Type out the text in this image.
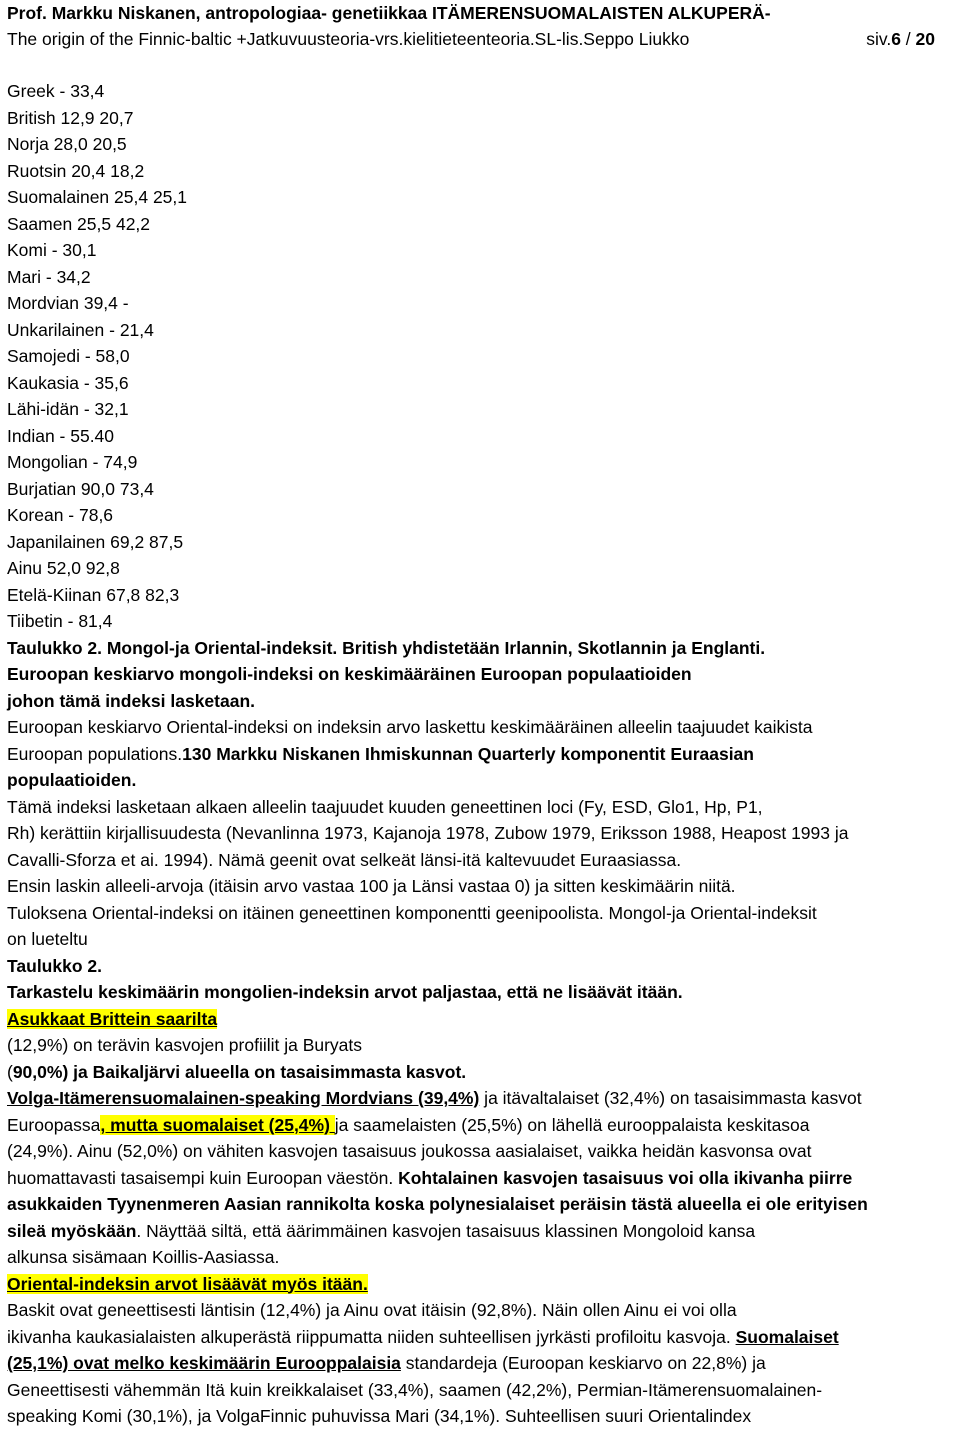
Prof. Markku Niskanen, antropologiaa- genetiikkaa ITÄMERENSUOMALAISTEN ALKUPERÄ-
The origin of the Finnic-baltic +Jatkuvuusteoria-vrs.kielitieteenteoria.SL-lis.Seppo Liukko	siv.6 / 20
Greek - 33,4
British 12,9 20,7
Norja 28,0 20,5
Ruotsin 20,4 18,2
Suomalainen 25,4 25,1
Saamen 25,5 42,2
Komi - 30,1
Mari - 34,2
Mordvian 39,4 -
Unkarilainen - 21,4
Samojedi - 58,0
Kaukasia - 35,6
Lähi-idän - 32,1
Indian - 55.40
Mongolian - 74,9
Burjatian 90,0 73,4
Korean - 78,6
Japanilainen 69,2 87,5
Ainu 52,0 92,8
Etelä-Kiinan 67,8 82,3
Tiibetin - 81,4
Taulukko 2. Mongol-ja Oriental-indeksit. British yhdistetään Irlannin, Skotlannin ja Englanti.
Euroopan keskiarvo mongoli-indeksi on keskimääräinen Euroopan populaatioiden
johon tämä indeksi lasketaan.
Euroopan keskiarvo Oriental-indeksi on indeksin arvo laskettu keskimääräinen alleelin taajuudet kaikista
Euroopan populations.130 Markku Niskanen Ihmiskunnan Quarterly komponentit Euraasian
populaatioiden.
Tämä indeksi lasketaan alkaen alleelin taajuudet kuuden geneettinen loci (Fy, ESD, Glo1, Hp, P1,
Rh) kerättiin kirjallisuudesta (Nevanlinna 1973, Kajanoja 1978, Zubow 1979, Eriksson 1988, Heapost 1993 ja
Cavalli-Sforza et ai. 1994). Nämä geenit ovat selkeät länsi-itä kaltevuudet Euraasiassa.
Ensin laskin alleeli-arvoja (itäisin arvo vastaa 100 ja Länsi vastaa 0) ja sitten keskimäärin niitä.
Tuloksena Oriental-indeksi on itäinen geneettinen komponentti geenipoolista. Mongol-ja Oriental-indeksit
on lueteltu
Taulukko 2.
Tarkastelu keskimäärin mongolien-indeksin arvot paljastaa, että ne lisäävät itään.
Asukkaat Brittein saarilta
(12,9%) on terävin kasvojen profiilit ja Buryats
(90,0%) ja Baikaljärvi alueella on tasaisimmasta kasvot.
Volga-Itämerensuomalainen-speaking Mordvians (39,4%) ja itävaltalaiset (32,4%) on tasaisimmasta kasvot
Euroopassa, mutta suomalaiset (25,4%) ja saamelaisten (25,5%) on lähellä eurooppalaista keskitasoa
(24,9%). Ainu (52,0%) on vähiten kasvojen tasaisuus joukossa aasialaiset, vaikka heidän kasvonsa ovat
huomattavasti tasaisempi kuin Euroopan väestön. Kohtalainen kasvojen tasaisuus voi olla ikivanha piirre
asukkaiden Tyynenmeren Aasian rannikolta koska polynesialaiset peräisin tästä alueella ei ole erityisen
sileä myöskään. Näyttää siltä, että äärimmäinen kasvojen tasaisuus klassinen Mongoloid kansa
alkunsa sisämaan Koillis-Aasiassa.
Oriental-indeksin arvot lisäävät myös itään.
Baskit ovat geneettisesti läntisin (12,4%) ja Ainu ovat itäisin (92,8%). Näin ollen Ainu ei voi olla
ikivanha kaukasialaisten alkuperästä riippumatta niiden suhteellisen jyrkästi profiloitu kasvoja. Suomalaiset
(25,1%) ovat melko keskimäärin Eurooppalaisia standardeja (Euroopan keskiarvo on 22,8%) ja
Geneettisesti vähemmän Itä kuin kreikkalaiset (33,4%), saamen (42,2%), Permian-Itämerensuomalainen-
speaking Komi (30,1%), ja VolgaFinnic puhuvissa Mari (34,1%). Suhteellisen suuri Orientalindex
